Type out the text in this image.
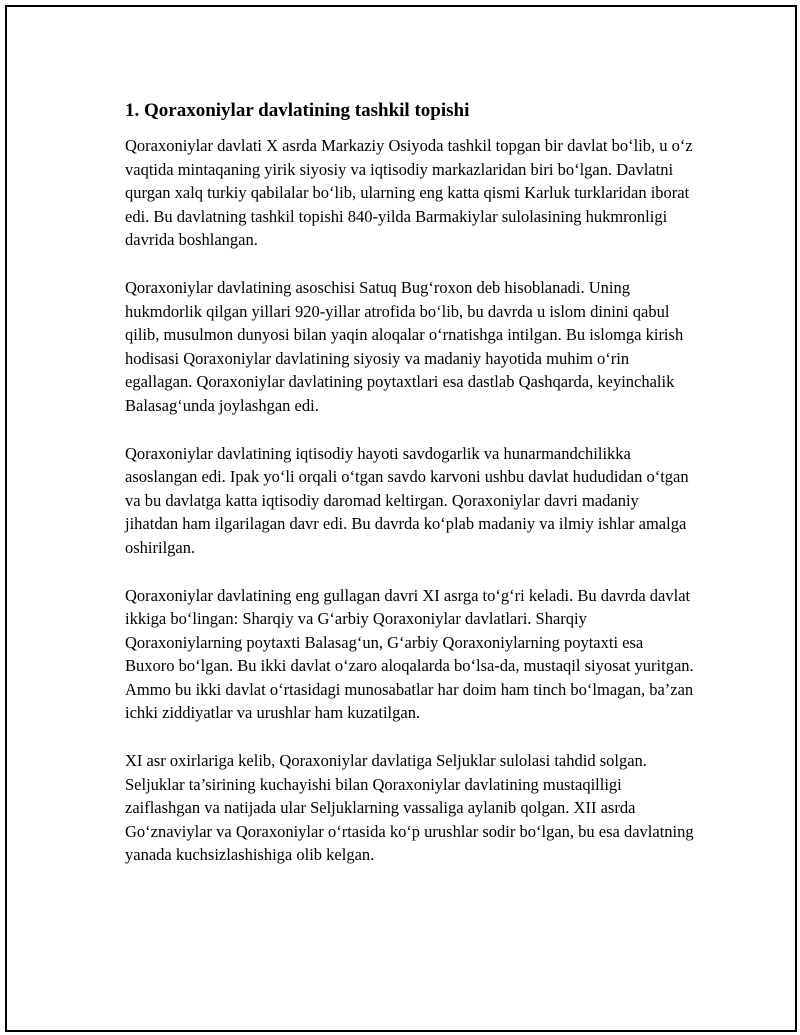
1. Qoraxoniylar davlatining tashkil topishi

Qoraxoniylar davlati X asrda Markaziy Osiyoda tashkil topgan bir davlat bo‘lib, u o‘z vaqtida mintaqaning yirik siyosiy va iqtisodiy markazlaridan biri bo‘lgan. Davlatni qurgan xalq turkiy qabilalar bo‘lib, ularning eng katta qismi Karluk turklaridan iborat edi. Bu davlatning tashkil topishi 840-yilda Barmakiylar sulolasining hukmronligi davrida boshlangan.

Qoraxoniylar davlatining asoschisi Satuq Bug‘roxon deb hisoblanadi. Uning hukmdorlik qilgan yillari 920-yillar atrofida bo‘lib, bu davrda u islom dinini qabul qilib, musulmon dunyosi bilan yaqin aloqalar o‘rnatishga intilgan. Bu islomga kirish hodisasi Qoraxoniylar davlatining siyosiy va madaniy hayotida muhim o‘rin egallagan. Qoraxoniylar davlatining poytaxtlari esa dastlab Qashqarda, keyinchalik Balasag‘unda joylashgan edi.

Qoraxoniylar davlatining iqtisodiy hayoti savdogarlik va hunarmandchilikka asoslangan edi. Ipak yo‘li orqali o‘tgan savdo karvoni ushbu davlat hududidan o‘tgan va bu davlatga katta iqtisodiy daromad keltirgan. Qoraxoniylar davri madaniy jihatdan ham ilgarilagan davr edi. Bu davrda ko‘plab madaniy va ilmiy ishlar amalga oshirilgan.

Qoraxoniylar davlatining eng gullagan davri XI asrga to‘g‘ri keladi. Bu davrda davlat ikkiga bo‘lingan: Sharqiy va G‘arbiy Qoraxoniylar davlatlari. Sharqiy Qoraxoniylarning poytaxti Balasag‘un, G‘arbiy Qoraxoniylarning poytaxti esa Buxoro bo‘lgan. Bu ikki davlat o‘zaro aloqalarda bo‘lsa-da, mustaqil siyosat yuritgan. Ammo bu ikki davlat o‘rtasidagi munosabatlar har doim ham tinch bo‘lmagan, ba’zan ichki ziddiyatlar va urushlar ham kuzatilgan.

XI asr oxirlariga kelib, Qoraxoniylar davlatiga Seljuklar sulolasi tahdid solgan. Seljuklar ta’sirining kuchayishi bilan Qoraxoniylar davlatining mustaqilligi zaiflashgan va natijada ular Seljuklarning vassaliga aylanib qolgan. XII asrda Go‘znaviylar va Qoraxoniylar o‘rtasida ko‘p urushlar sodir bo‘lgan, bu esa davlatning yanada kuchsizlashishiga olib kelgan.
